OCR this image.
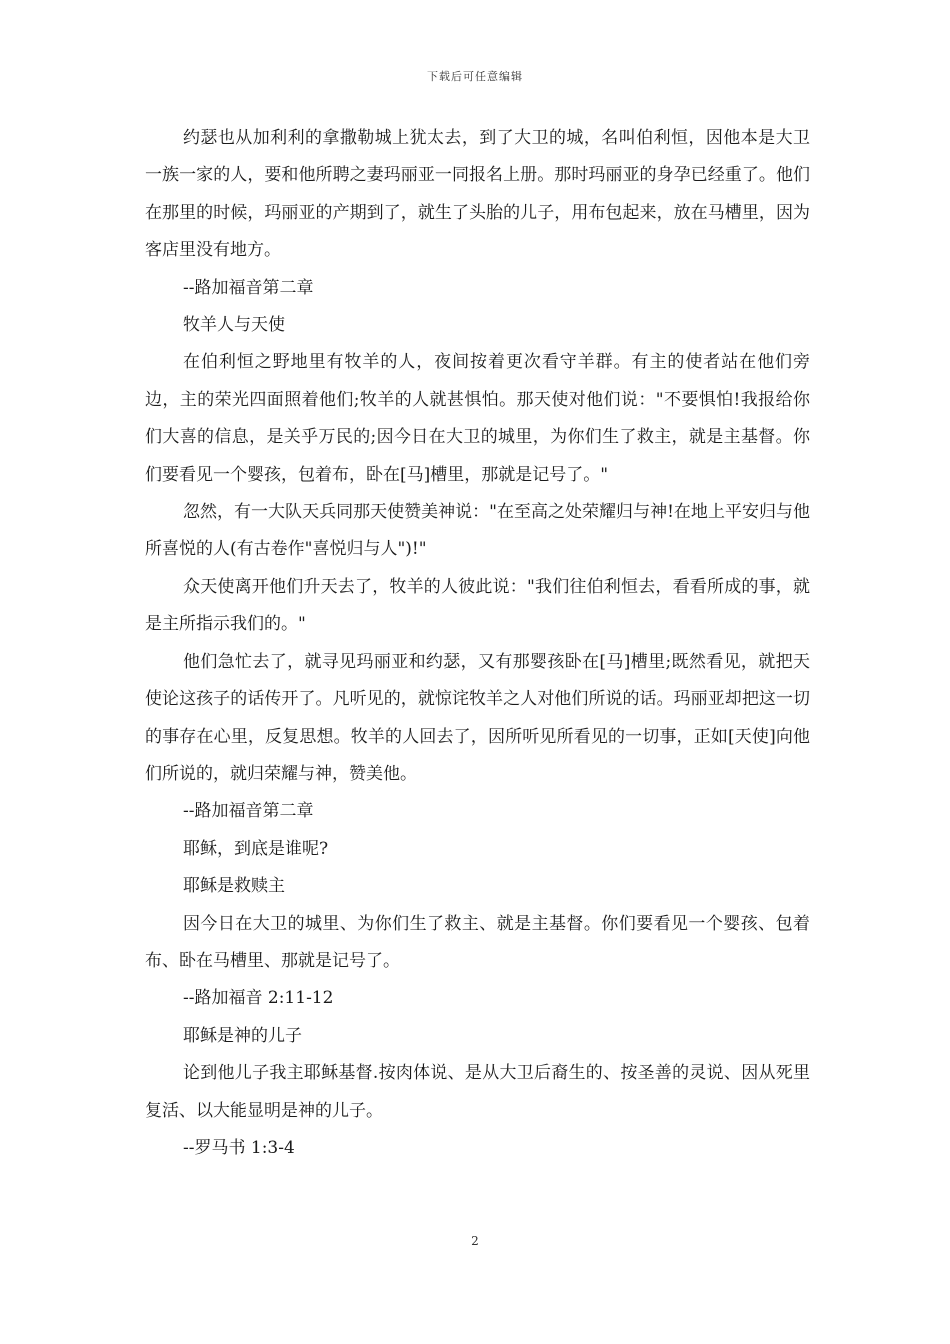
下载后可任意编辑

约瑟也从加利利的拿撒勒城上犹太去，到了大卫的城，名叫伯利恒，因他本是大卫一族一家的人，要和他所聘之妻玛丽亚一同报名上册。那时玛丽亚的身孕已经重了。他们在那里的时候，玛丽亚的产期到了，就生了头胎的儿子，用布包起来，放在马槽里，因为客店里没有地方。

--路加福音第二章

牧羊人与天使

在伯利恒之野地里有牧羊的人，夜间按着更次看守羊群。有主的使者站在他们旁边，主的荣光四面照着他们;牧羊的人就甚惧怕。那天使对他们说："不要惧怕!我报给你们大喜的信息，是关乎万民的;因今日在大卫的城里，为你们生了救主，就是主基督。你们要看见一个婴孩，包着布，卧在[马]槽里，那就是记号了。"

忽然，有一大队天兵同那天使赞美神说："在至高之处荣耀归与神!在地上平安归与他所喜悦的人(有古卷作"喜悦归与人")!"

众天使离开他们升天去了，牧羊的人彼此说："我们往伯利恒去，看看所成的事，就是主所指示我们的。"

他们急忙去了，就寻见玛丽亚和约瑟，又有那婴孩卧在[马]槽里;既然看见，就把天使论这孩子的话传开了。凡听见的，就惊诧牧羊之人对他们所说的话。玛丽亚却把这一切的事存在心里，反复思想。牧羊的人回去了，因所听见所看见的一切事，正如[天使]向他们所说的，就归荣耀与神，赞美他。

--路加福音第二章

耶稣，到底是谁呢?

耶稣是救赎主

因今日在大卫的城里、为你们生了救主、就是主基督。你们要看见一个婴孩、包着布、卧在马槽里、那就是记号了。

--路加福音 2:11-12

耶稣是神的儿子

论到他儿子我主耶稣基督.按肉体说、是从大卫后裔生的、按圣善的灵说、因从死里复活、以大能显明是神的儿子。

--罗马书 1:3-4

2
